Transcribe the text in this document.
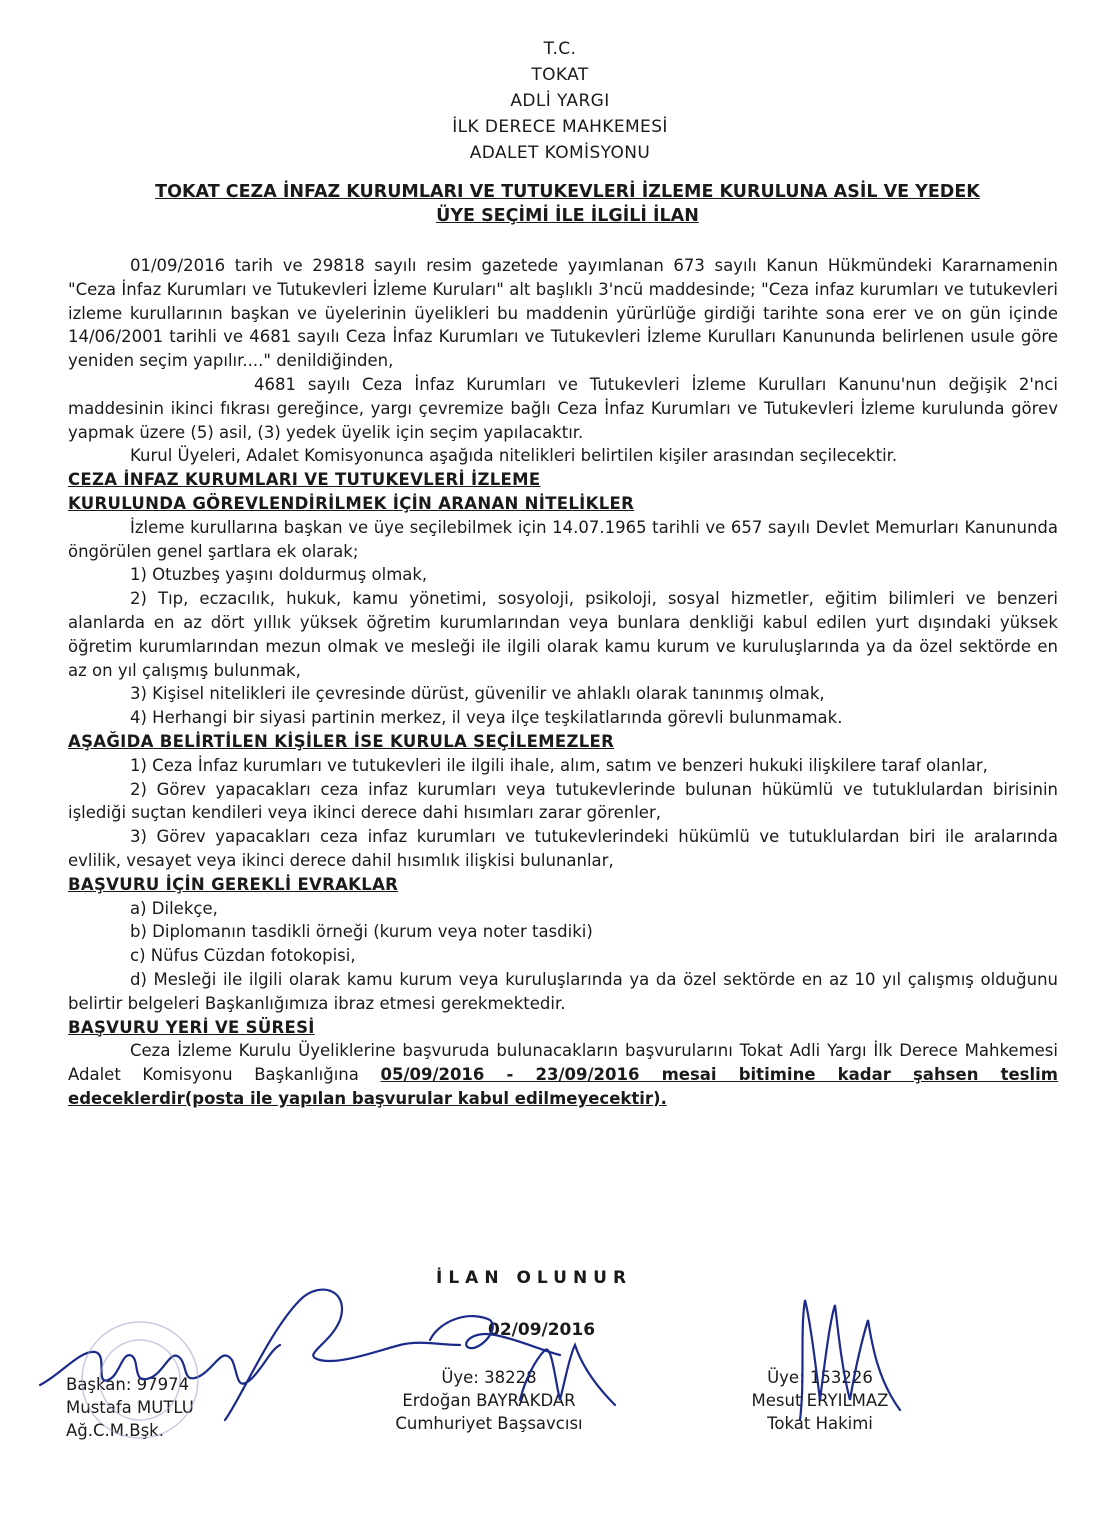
T.C.
TOKAT
ADLİ YARGI
İLK DERECE MAHKEMESİ
ADALET KOMİSYONU
TOKAT CEZA İNFAZ KURUMLARI VE TUTUKEVLERİ İZLEME KURULUNA ASİL VE YEDEK
ÜYE SEÇİMİ İLE İLGİLİ İLAN

01/09/2016 tarih ve 29818 sayılı resim gazetede yayımlanan 673 sayılı Kanun Hükmündeki Kararnamenin "Ceza İnfaz Kurumları ve Tutukevleri İzleme Kuruları" alt başlıklı 3'ncü maddesinde; "Ceza infaz kurumları ve tutukevleri izleme kurullarının başkan ve üyelerinin üyelikleri bu maddenin yürürlüğe girdiği tarihte sona erer ve on gün içinde 14/06/2001 tarihli ve 4681 sayılı Ceza İnfaz Kurumları ve Tutukevleri İzleme Kurulları Kanununda belirlenen usule göre yeniden seçim yapılır...." denildiğinden,

4681 sayılı Ceza İnfaz Kurumları ve Tutukevleri İzleme Kurulları Kanunu'nun değişik 2'nci maddesinin ikinci fıkrası gereğince, yargı çevremize bağlı Ceza İnfaz Kurumları ve Tutukevleri İzleme kurulunda görev yapmak üzere (5) asil, (3) yedek üyelik için seçim yapılacaktır.

Kurul Üyeleri, Adalet Komisyonunca aşağıda nitelikleri belirtilen kişiler arasından seçilecektir.

CEZA İNFAZ KURUMLARI VE TUTUKEVLERİ İZLEME
KURULUNDA GÖREVLENDİRİLMEK İÇİN ARANAN NİTELİKLER

İzleme kurullarına başkan ve üye seçilebilmek için 14.07.1965 tarihli ve 657 sayılı Devlet Memurları Kanununda öngörülen genel şartlara ek olarak;

1) Otuzbeş yaşını doldurmuş olmak,

2) Tıp, eczacılık, hukuk, kamu yönetimi, sosyoloji, psikoloji, sosyal hizmetler, eğitim bilimleri ve benzeri alanlarda en az dört yıllık yüksek öğretim kurumlarından veya bunlara denkliği kabul edilen yurt dışındaki yüksek öğretim kurumlarından mezun olmak ve mesleği ile ilgili olarak kamu kurum ve kuruluşlarında ya da özel sektörde en az on yıl çalışmış bulunmak,

3) Kişisel nitelikleri ile çevresinde dürüst, güvenilir ve ahlaklı olarak tanınmış olmak,

4) Herhangi bir siyasi partinin merkez, il veya ilçe teşkilatlarında görevli bulunmamak.

AŞAĞIDA BELİRTİLEN KİŞİLER İSE KURULA SEÇİLEMEZLER

1) Ceza İnfaz kurumları ve tutukevleri ile ilgili ihale, alım, satım ve benzeri hukuki ilişkilere taraf olanlar,

2) Görev yapacakları ceza infaz kurumları veya tutukevlerinde bulunan hükümlü ve tutuklulardan birisinin işlediği suçtan kendileri veya ikinci derece dahi hısımları zarar görenler,

3) Görev yapacakları ceza infaz kurumları ve tutukevlerindeki hükümlü ve tutuklulardan biri ile aralarında evlilik, vesayet veya ikinci derece dahil hısımlık ilişkisi bulunanlar,

BAŞVURU İÇİN GEREKLİ EVRAKLAR

a) Dilekçe,

b) Diplomanın tasdikli örneği (kurum veya noter tasdiki)

c) Nüfus Cüzdan fotokopisi,

d) Mesleği ile ilgili olarak kamu kurum veya kuruluşlarında ya da özel sektörde en az 10 yıl çalışmış olduğunu belirtir belgeleri Başkanlığımıza ibraz etmesi gerekmektedir.

BAŞVURU YERİ VE SÜRESİ

Ceza İzleme Kurulu Üyeliklerine başvuruda bulunacakların başvurularını Tokat Adli Yargı İlk Derece Mahkemesi Adalet Komisyonu Başkanlığına 05/09/2016 - 23/09/2016 mesai bitimine kadar şahsen teslim edeceklerdir(posta ile yapılan başvurular kabul edilmeyecektir).

İLAN OLUNUR
02/09/2016
Başkan: 97974
Mustafa MUTLU
Ağ.C.M.Bşk.
Üye: 38228
Erdoğan BAYRAKDAR
Cumhuriyet Başsavcısı
Üye: 153226
Mesut ERYILMAZ
Tokat Hakimi
